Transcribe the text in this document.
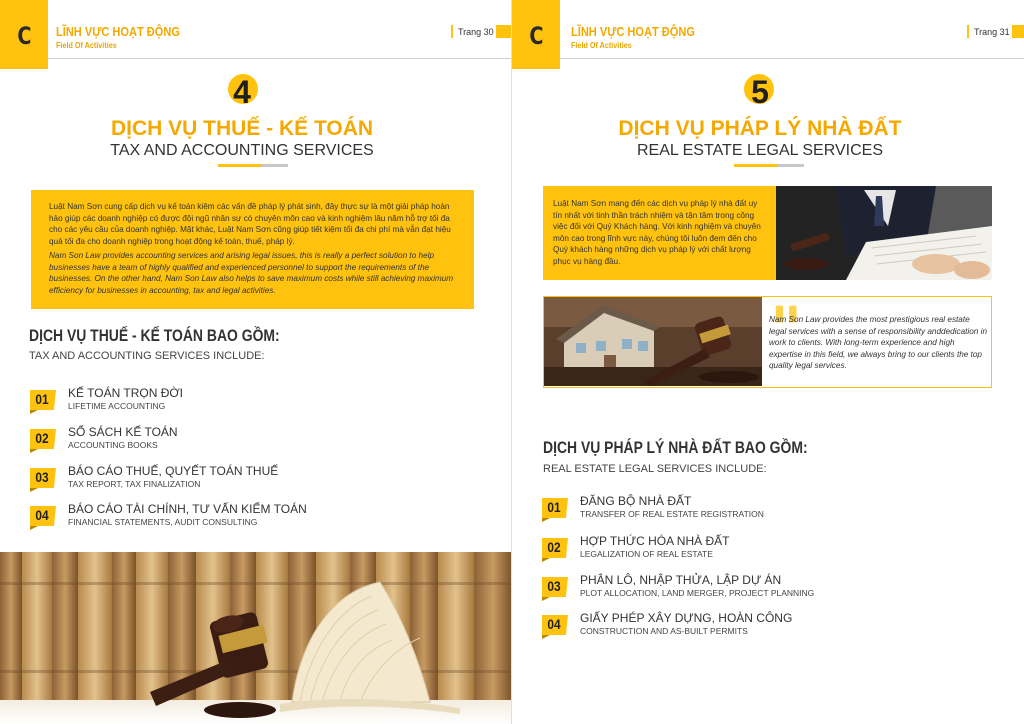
C	LĨNH VỰC HOẠT ĐỘNG
Field Of Activities
Trang 30
4
DỊCH VỤ THUẾ - KẾ TOÁN
TAX AND ACCOUNTING SERVICES

Luật Nam Sơn cung cấp dịch vụ kế toán kiêm các vấn đề pháp lý phát sinh, đây thực sự là một giải pháp hoàn hảo giúp các doanh nghiệp có được đội ngũ nhân sự có chuyên môn cao và kinh nghiệm lâu năm hỗ trợ tối đa cho các yêu cầu của doanh nghiệp. Mặt khác, Luật Nam Sơn cũng giúp tiết kiệm tối đa chi phí mà vẫn đạt hiệu quả tối đa cho doanh nghiệp trong hoạt động kế toán, thuế, pháp lý.

Nam Son Law provides accounting services and arising legal issues, this is really a perfect solution to help businesses have a team of highly qualified and experienced personnel to support the requirements of the businesses. On the other hand, Nam Son Law also helps to save maximum costs while still achieving maximum efficiency for businesses in accounting, tax and legal activities.

DỊCH VỤ THUẾ - KẾ TOÁN BAO GỒM:
TAX AND ACCOUNTING SERVICES INCLUDE:
01 KẾ TOÁN TRỌN ĐỜI
LIFETIME ACCOUNTING
02 SỔ SÁCH KẾ TOÁN
ACCOUNTING BOOKS
03 BÁO CÁO THUẾ, QUYẾT TOÁN THUẾ
TAX REPORT, TAX FINALIZATION
04 BÁO CÁO TÀI CHÍNH, TƯ VẤN KIỂM TOÁN
FINANCIAL STATEMENTS, AUDIT CONSULTING
C	LĨNH VỰC HOẠT ĐỘNG
Field Of Activities
Trang 31
5
DỊCH VỤ PHÁP LÝ NHÀ ĐẤT
REAL ESTATE LEGAL SERVICES

Luật Nam Sơn mang đến các dịch vụ pháp lý nhà đất uy tín nhất với tinh thần trách nhiệm và tận tâm trong công việc đối với Quý Khách hàng. Với kinh nghiệm và chuyên môn cao trong lĩnh vực này, chúng tôi luôn đem đến cho Quý khách hàng những dịch vụ pháp lý với chất lượng phục vụ hàng đầu.

"

Nam Son Law provides the most prestigious real estate legal services with a sense of responsibility anddedication in work to clients. With long-term experience and high expertise in this field, we always bring to our clients the top quality legal services.

DỊCH VỤ PHÁP LÝ NHÀ ĐẤT BAO GỒM:
REAL ESTATE LEGAL SERVICES INCLUDE:
01 ĐĂNG BỘ NHÀ ĐẤT
TRANSFER OF REAL ESTATE REGISTRATION
02 HỢP THỨC HÓA NHÀ ĐẤT
LEGALIZATION OF REAL ESTATE
03 PHÂN LÔ, NHẬP THỬA, LẬP DỰ ÁN
PLOT ALLOCATION, LAND MERGER, PROJECT PLANNING
04 GIẤY PHÉP XÂY DỰNG, HOÀN CÔNG
CONSTRUCTION AND AS-BUILT PERMITS
